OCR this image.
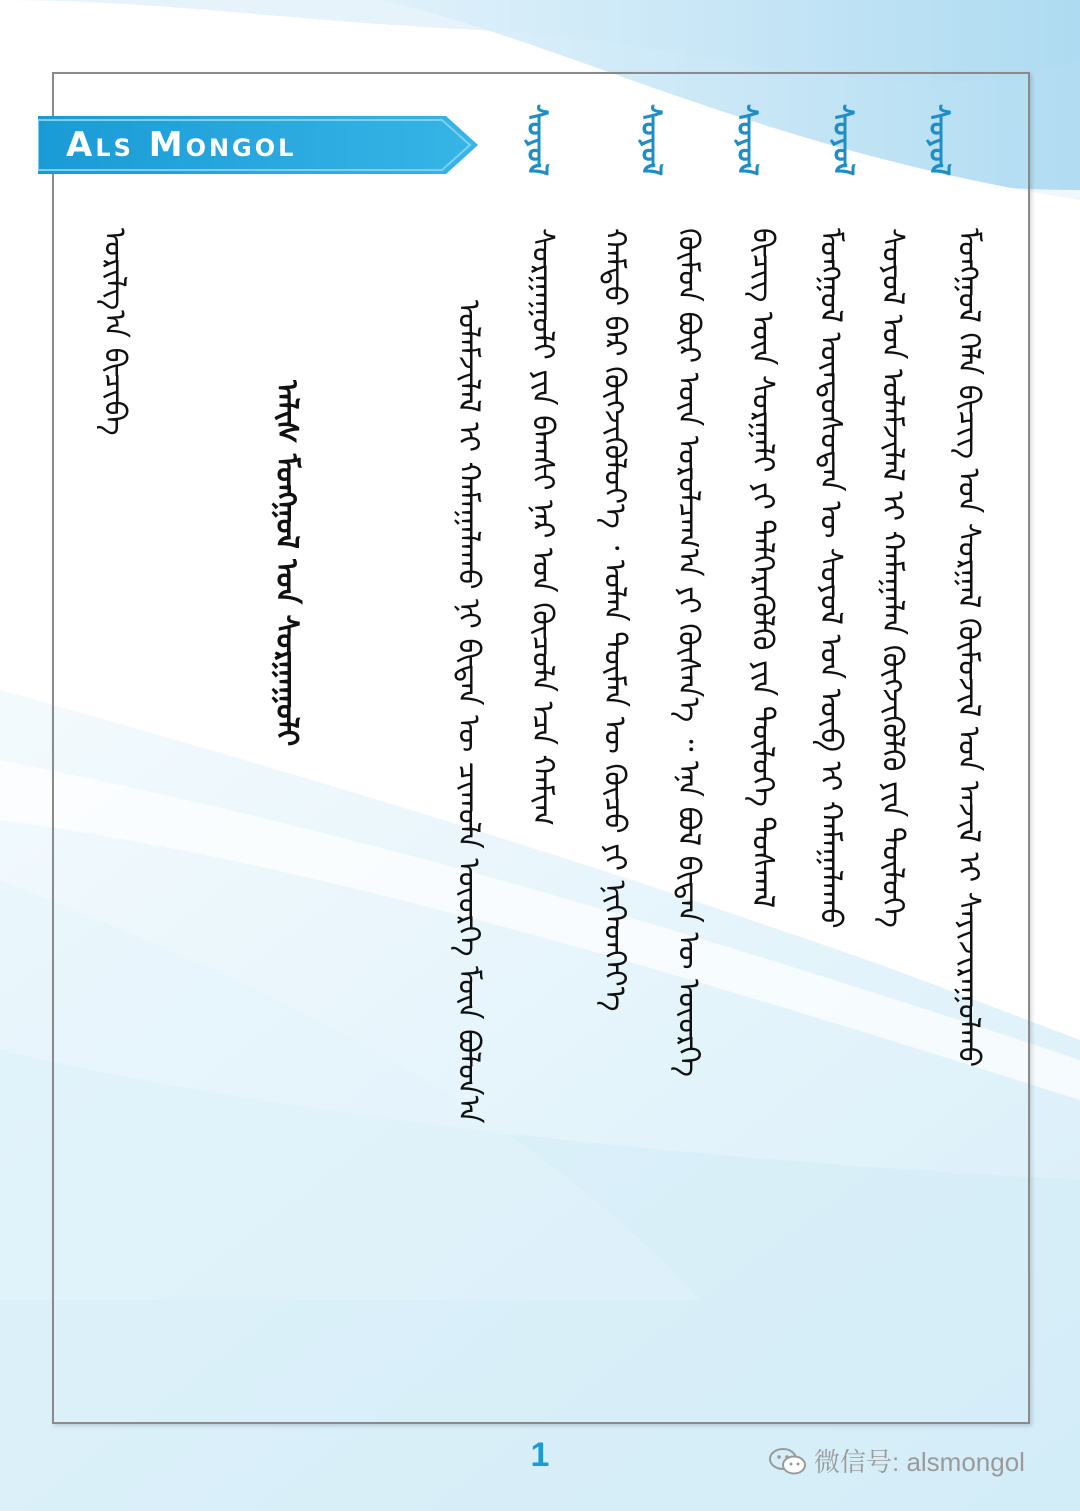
Als Mongol	ᠰᠣᠶᠤᠯ
ᠰᠣᠶᠤᠯ
ᠰᠣᠶᠤᠯ
ᠰᠣᠶᠤᠯ
ᠰᠣᠶᠤᠯ
ᠮᠣᠩᠭᠣᠯ ᠬᠡᠯᠡ ᠪᠢᠴᠢᠭ ᠤᠨ ᠰᠤᠷᠭᠠᠯ ᠬᠦᠮᠦᠵᠢᠯ ᠤᠨ ᠠᠵᠢᠯ ᠢ ᠰᠠᠶᠢᠵᠢᠷᠠᠭᠤᠯᠬᠤ
ᠰᠣᠶᠣᠯ ᠤᠨ ᠤᠯᠠᠮᠵᠢᠯᠠᠯ ᠢ ᠬᠠᠮᠠᠭᠠᠯᠠᠨ ᠬᠥᠭᠵᠢᠭᠦᠯᠬᠦ ᠶᠢᠨ ᠲᠥᠯᠦᠭᠡ
ᠮᠣᠩᠭᠣᠯ ᠦᠨᠳᠦᠰᠦᠲᠡᠨ ᠦ ᠰᠣᠶᠣᠯ ᠤᠨ ᠥᠪ ᠢ ᠬᠠᠮᠠᠭᠠᠯᠠᠬᠤ
ᠪᠢᠴᠢᠭ ᠦᠨ ᠰᠤᠷᠭᠠᠯᠢ ᠶᠢ ᠳᠡᠯᠭᠡᠷᠡᠭᠦᠯᠬᠦ ᠶᠢᠨ ᠲᠥᠯᠦᠭᠡ ᠲᠣᠰᠬᠠᠯ
ᠬᠦᠮᠦᠨ ᠪᠦᠷ ᠦᠨ ᠣᠷᠣᠯᠴᠠᠭ᠎ᠠ ᠶᠢ ᠬᠦᠰᠡᠨ᠎ᠡ ᠃ ᠡᠨᠡ ᠪᠣᠯ ᠪᠢᠳᠡᠨ ᠦ ᠦᠦᠷᠭᠡ
ᠬᠠᠮᠲᠤ ᠪᠡᠷ ᠬᠥᠭᠵᠢᠭᠦᠯᠦᠶ᠎ᠡ ᠂ ᠣᠯᠠᠨ ᠲᠥᠮᠡᠨ ᠦ ᠬᠦᠴᠦ ᠶᠢ ᠨᠢᠭᠡᠳᠬᠡᠶ᠎ᠡ
ᠰᠤᠷᠭᠠᠭᠤᠯᠢ ᠶᠢᠨ ᠪᠠᠭᠰᠢ ᠨᠠᠷ ᠤᠨ ᠬᠦᠴᠦᠯᠡ ᠡᠴᠡ ᠬᠠᠮᠢᠭ
ᠤᠯᠠᠮᠵᠢᠯᠠᠯ ᠢ ᠬᠠᠮᠠᠭᠠᠯᠠᠬᠤ ᠨᠢ ᠪᠢᠳᠡᠨ ᠦ ᠴᠢᠬᠤᠯᠠ ᠦᠦᠷᠭᠡ ᠮᠥᠨ ᠪᠣᠯᠤᠨ᠎ᠠ
ᠠᠯᠢᠰ ᠮᠣᠩᠭᠣᠯ ᠤᠨ ᠰᠤᠷᠭᠠᠭᠤᠯᠢ
ᠤᠷᠢᠯᠭ᠎ᠠ ᠪᠢᠴᠢᠪᠡ
1	微信号: alsmongol
